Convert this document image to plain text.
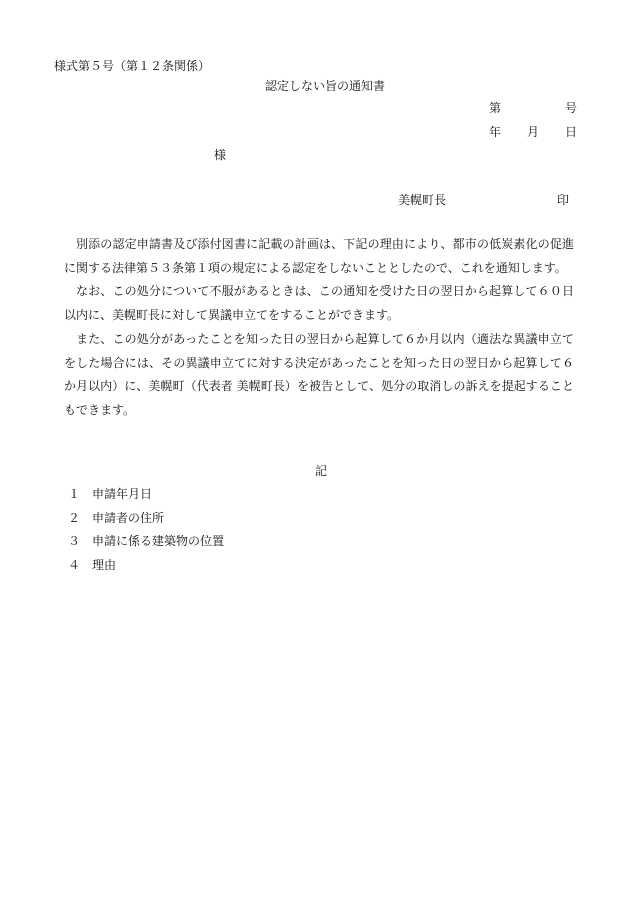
様式第５号（第１２条関係）
認定しない旨の通知書
第	号
年 月 日
様
美幌町長	印

別添の認定申請書及び添付図書に記載の計画は、下記の理由により、都市の低炭素化の促進に関する法律第５３条第１項の規定による認定をしないこととしたので、これを通知します。

なお、この処分について不服があるときは、この通知を受けた日の翌日から起算して６０日以内に、美幌町長に対して異議申立てをすることができます。

また、この処分があったことを知った日の翌日から起算して６か月以内（適法な異議申立てをした場合には、その異議申立てに対する決定があったことを知った日の翌日から起算して６か月以内）に、美幌町（代表者 美幌町長）を被告として、処分の取消しの訴えを提起することもできます。

記
１ 申請年月日
２ 申請者の住所
３ 申請に係る建築物の位置
４ 理由
